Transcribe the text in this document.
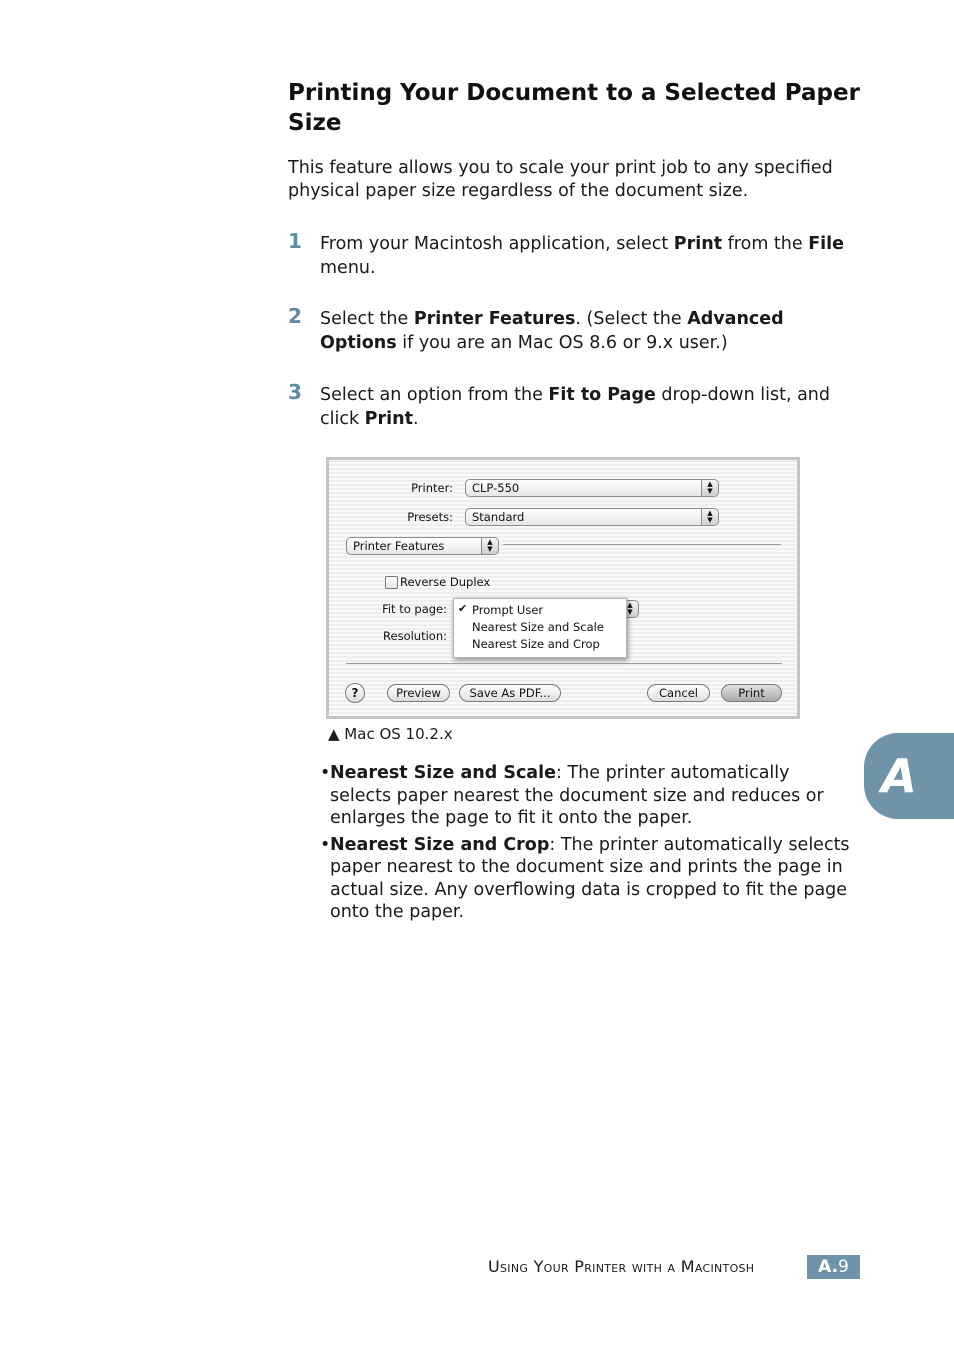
Printing Your Document to a Selected Paper Size

This feature allows you to scale your print job to any specified physical paper size regardless of the document size.

1 From your Macintosh application, select Print from the File menu.
2 Select the Printer Features. (Select the Advanced Options if you are an Mac OS 8.6 or 9.x user.)
3 Select an option from the Fit to Page drop-down list, and click Print.
Printer:	CLP-550	▲
▼
Presets:	Standard	▲
▼
Printer Features	▲
▼
Reverse Duplex
Fit to page:	▲
▼
Resolution:
✔ Prompt User
Nearest Size and Scale
Nearest Size and Crop
?	Preview	Save As PDF...	Cancel	Print
▲ Mac OS 10.2.x
• Nearest Size and Scale: The printer automatically selects paper nearest the document size and reduces or enlarges the page to fit it onto the paper.
• Nearest Size and Crop: The printer automatically selects paper nearest to the document size and prints the page in actual size. Any overflowing data is cropped to fit the page onto the paper.
A
Using Your Printer with a Macintosh	A.9
